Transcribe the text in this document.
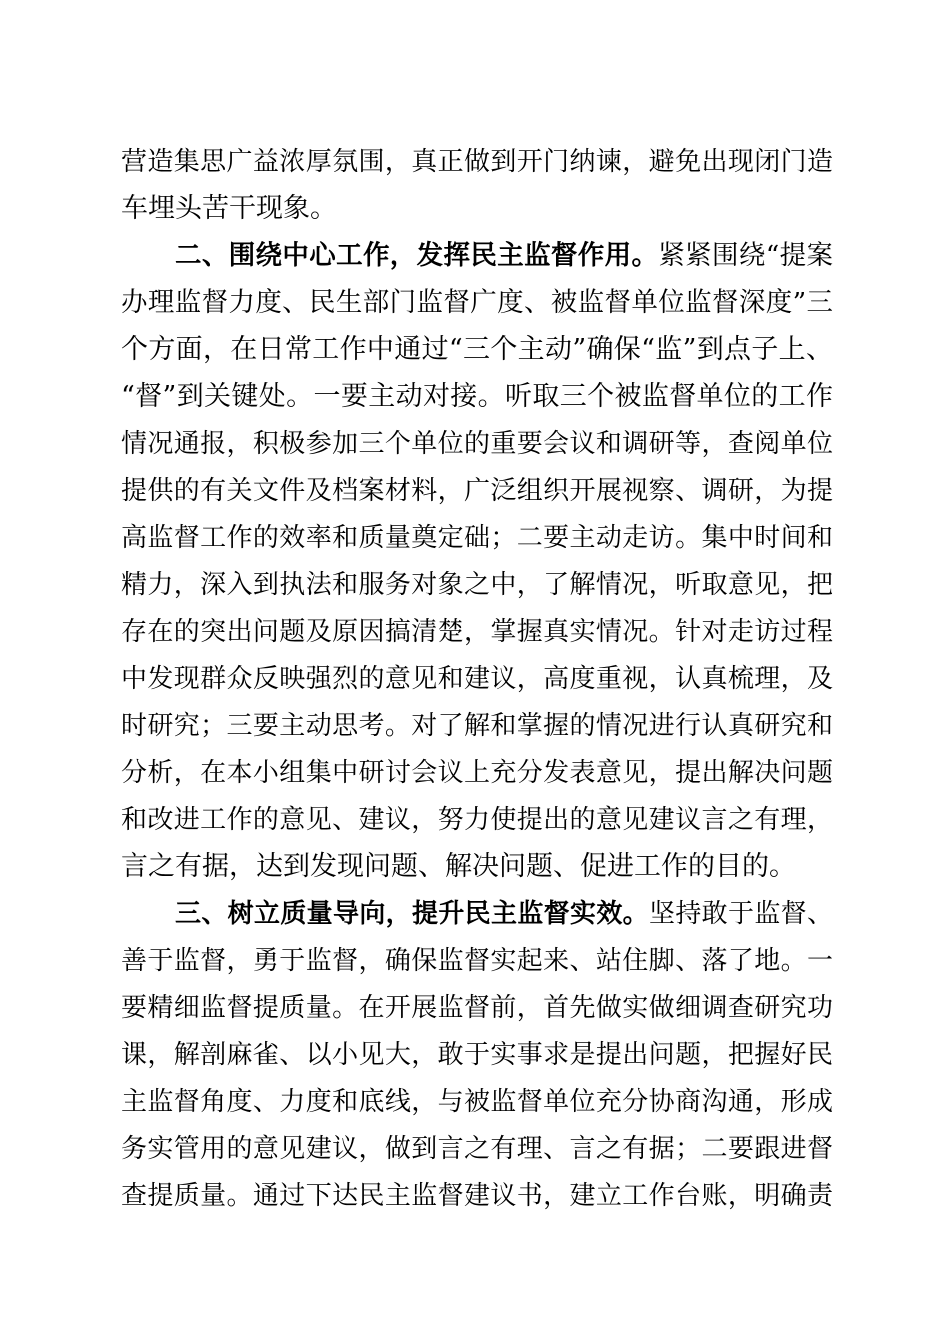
营造集思广益浓厚氛围，真正做到开门纳谏，避免出现闭门造
车埋头苦干现象。
二、围绕中心工作，发挥民主监督作用。紧紧围绕“提案
办理监督力度、民生部门监督广度、被监督单位监督深度”三
个方面，在日常工作中通过“三个主动”确保“监”到点子上、
“督”到关键处。一要主动对接。听取三个被监督单位的工作
情况通报，积极参加三个单位的重要会议和调研等，查阅单位
提供的有关文件及档案材料，广泛组织开展视察、调研，为提
高监督工作的效率和质量奠定础；二要主动走访。集中时间和
精力，深入到执法和服务对象之中，了解情况，听取意见，把
存在的突出问题及原因搞清楚，掌握真实情况。针对走访过程
中发现群众反映强烈的意见和建议，高度重视，认真梳理，及
时研究；三要主动思考。对了解和掌握的情况进行认真研究和
分析，在本小组集中研讨会议上充分发表意见，提出解决问题
和改进工作的意见、建议，努力使提出的意见建议言之有理，
言之有据，达到发现问题、解决问题、促进工作的目的。
三、树立质量导向，提升民主监督实效。坚持敢于监督、
善于监督，勇于监督，确保监督实起来、站住脚、落了地。一
要精细监督提质量。在开展监督前，首先做实做细调查研究功
课，解剖麻雀、以小见大，敢于实事求是提出问题，把握好民
主监督角度、力度和底线，与被监督单位充分协商沟通，形成
务实管用的意见建议，做到言之有理、言之有据；二要跟进督
查提质量。通过下达民主监督建议书，建立工作台账，明确责
